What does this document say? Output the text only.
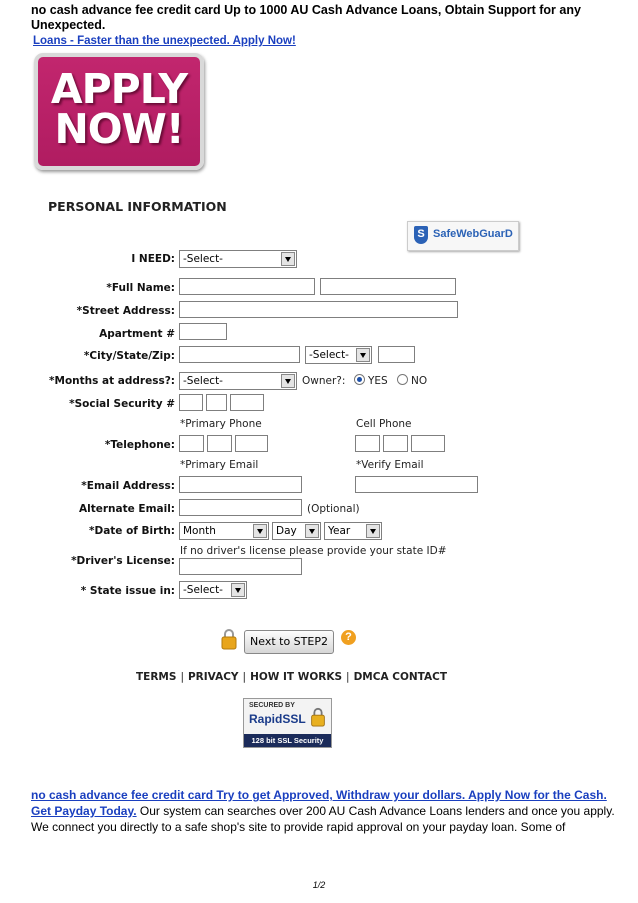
no cash advance fee credit card Up to 1000 AU Cash Advance Loans, Obtain Support for any Unexpected.
Loans - Faster than the unexpected. Apply Now!
APPLY
NOW!
PERSONAL INFORMATION
S SafeWebGuarD
I NEED: -Select-
*Full Name:
*Street Address:
Apartment #
*City/State/Zip:	-Select-
*Months at address?: -Select-	Owner?: YES NO
*Social Security #
*Primary Phone	Cell Phone
*Telephone:
*Primary Email	*Verify Email
*Email Address:
Alternate Email:	(Optional)
*Date of Birth: Month	Day	Year
If no driver's license please provide your state ID#
*Driver's License:
* State issue in: -Select-
Next to STEP2	?
TERMS | PRIVACY | HOW IT WORKS | DMCA CONTACT
SECURED BY
RapidSSL
128 bit SSL Security
no cash advance fee credit card Try to get Approved, Withdraw your dollars. Apply Now for the Cash.
Get Payday Today. Our system can searches over 200 AU Cash Advance Loans lenders and once you apply. We connect you directly to a safe shop's site to provide rapid approval on your payday loan. Some of
1/2
